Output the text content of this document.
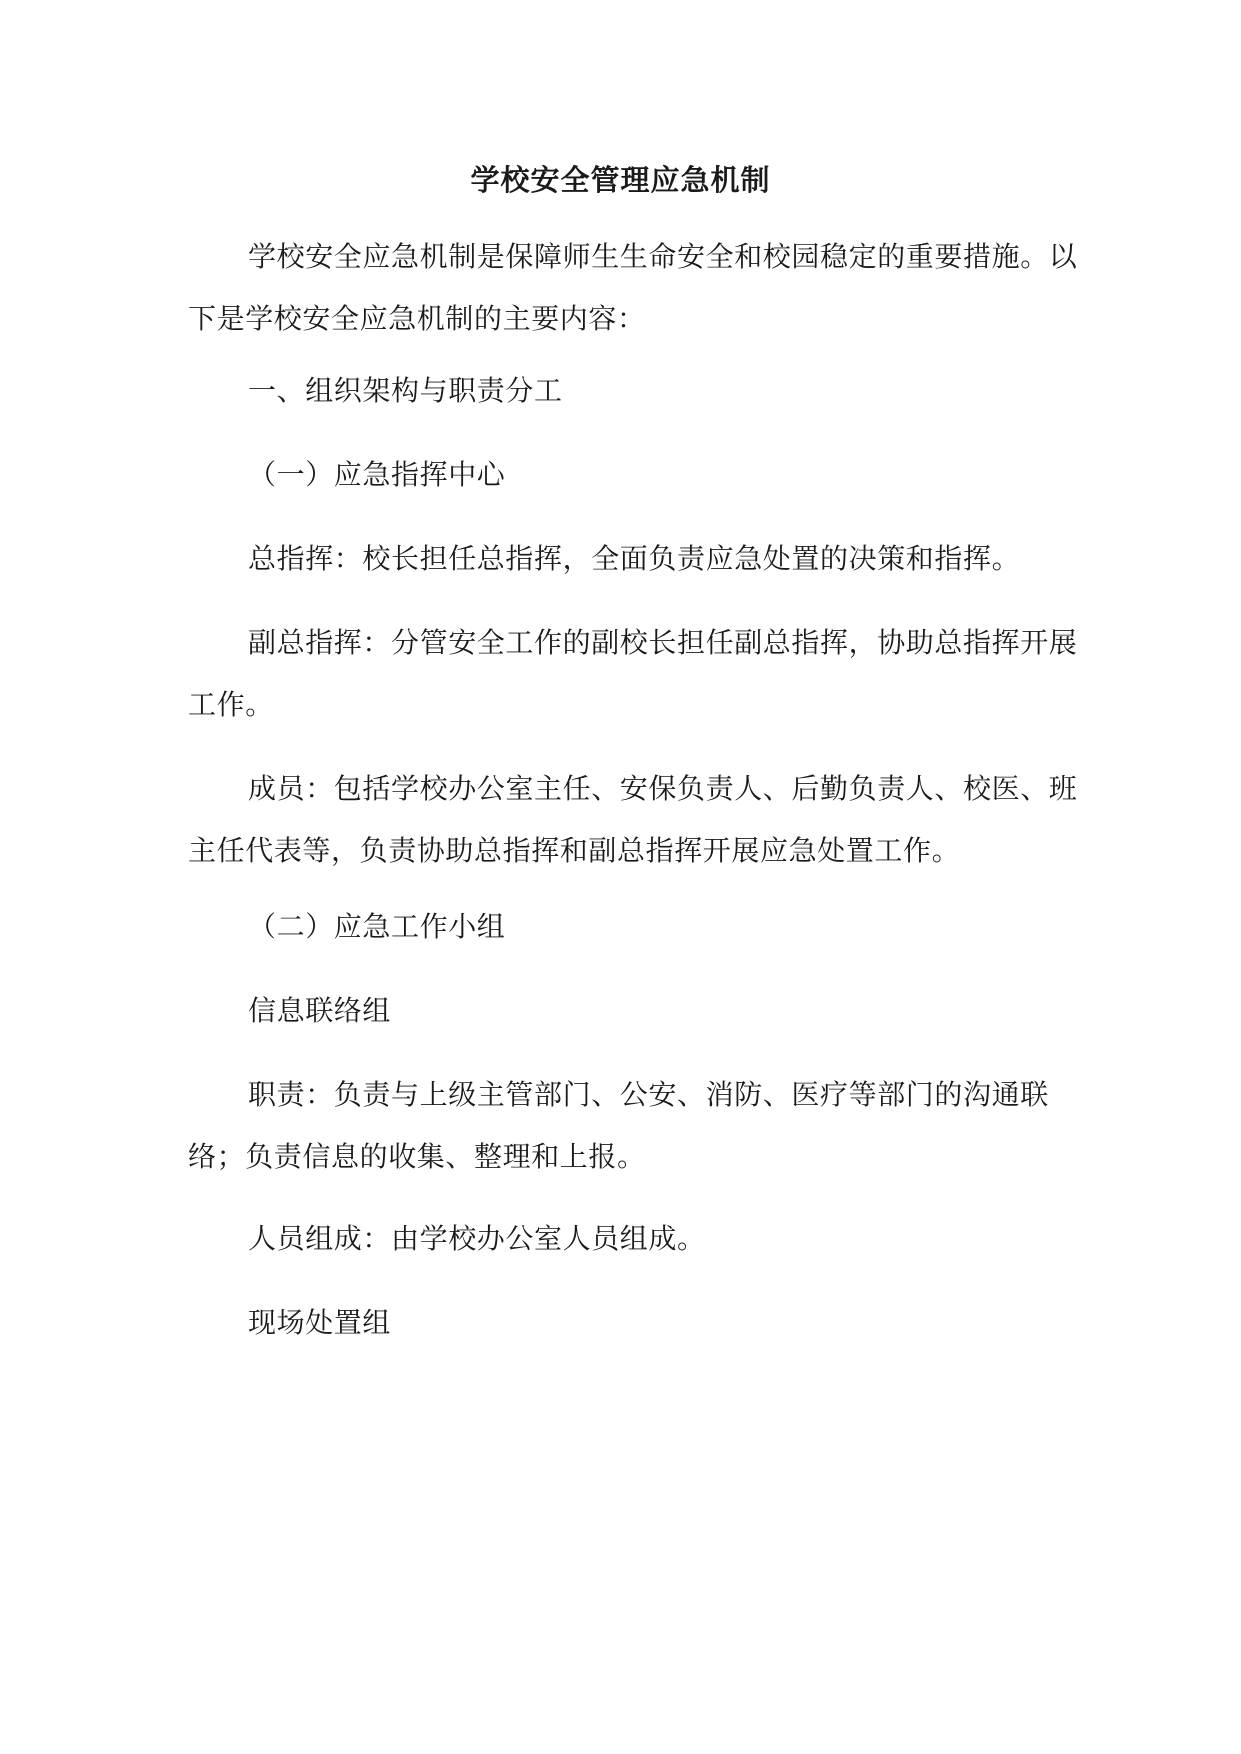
学校安全管理应急机制

学校安全应急机制是保障师生生命安全和校园稳定的重要措施。以下是学校安全应急机制的主要内容：

一、组织架构与职责分工

（一）应急指挥中心

总指挥：校长担任总指挥，全面负责应急处置的决策和指挥。

副总指挥：分管安全工作的副校长担任副总指挥，协助总指挥开展工作。

成员：包括学校办公室主任、安保负责人、后勤负责人、校医、班主任代表等，负责协助总指挥和副总指挥开展应急处置工作。

（二）应急工作小组

信息联络组

职责：负责与上级主管部门、公安、消防、医疗等部门的沟通联络；负责信息的收集、整理和上报。

人员组成：由学校办公室人员组成。

现场处置组
